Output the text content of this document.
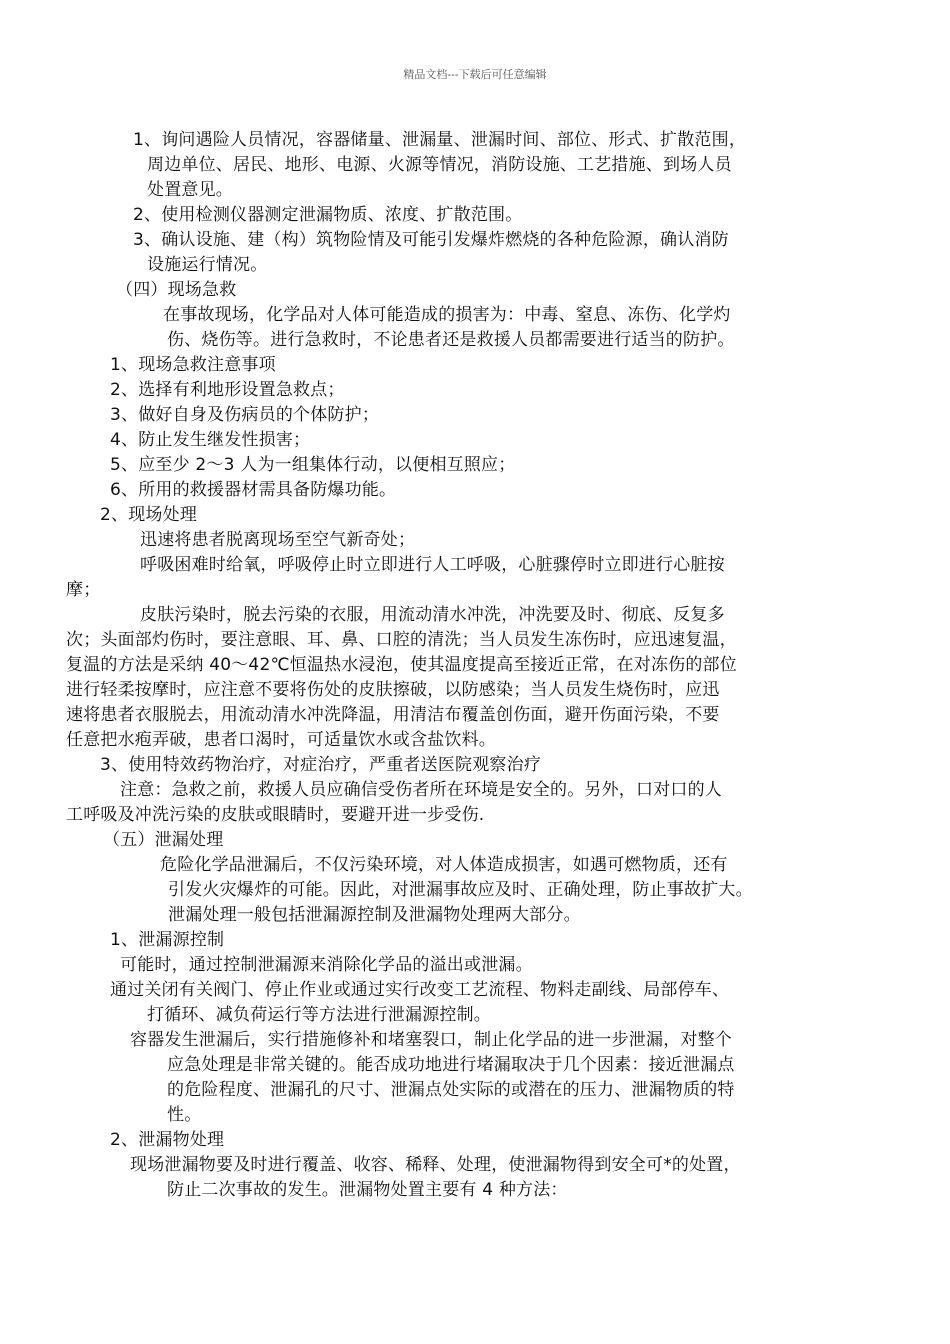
精品文档---下载后可任意编辑
1、询问遇险人员情况，容器储量、泄漏量、泄漏时间、部位、形式、扩散范围，
周边单位、居民、地形、电源、火源等情况，消防设施、工艺措施、到场人员
处置意见。
2、使用检测仪器测定泄漏物质、浓度、扩散范围。
3、确认设施、建（构）筑物险情及可能引发爆炸燃烧的各种危险源，确认消防
设施运行情况。
（四）现场急救
在事故现场，化学品对人体可能造成的损害为：中毒、窒息、冻伤、化学灼
伤、烧伤等。进行急救时，不论患者还是救援人员都需要进行适当的防护。
1、现场急救注意事项
2、选择有利地形设置急救点；
3、做好自身及伤病员的个体防护；
4、防止发生继发性损害；
5、应至少 2～3 人为一组集体行动，以便相互照应；
6、所用的救援器材需具备防爆功能。
2、现场处理
迅速将患者脱离现场至空气新奇处；
呼吸困难时给氧，呼吸停止时立即进行人工呼吸，心脏骤停时立即进行心脏按
摩；
皮肤污染时，脱去污染的衣服，用流动清水冲洗，冲洗要及时、彻底、反复多
次；头面部灼伤时，要注意眼、耳、鼻、口腔的清洗；当人员发生冻伤时，应迅速复温，
复温的方法是采纳 40～42℃恒温热水浸泡，使其温度提高至接近正常，在对冻伤的部位
进行轻柔按摩时，应注意不要将伤处的皮肤擦破，以防感染；当人员发生烧伤时，应迅
速将患者衣服脱去，用流动清水冲洗降温，用清洁布覆盖创伤面，避开伤面污染，不要
任意把水疱弄破，患者口渴时，可适量饮水或含盐饮料。
3、使用特效药物治疗，对症治疗，严重者送医院观察治疗
注意：急救之前，救援人员应确信受伤者所在环境是安全的。另外，口对口的人
工呼吸及冲洗污染的皮肤或眼睛时，要避开进一步受伤.
（五）泄漏处理
危险化学品泄漏后，不仅污染环境，对人体造成损害，如遇可燃物质，还有
引发火灾爆炸的可能。因此，对泄漏事故应及时、正确处理，防止事故扩大。
泄漏处理一般包括泄漏源控制及泄漏物处理两大部分。
1、泄漏源控制
可能时，通过控制泄漏源来消除化学品的溢出或泄漏。
通过关闭有关阀门、停止作业或通过实行改变工艺流程、物料走副线、局部停车、
打循环、减负荷运行等方法进行泄漏源控制。
容器发生泄漏后，实行措施修补和堵塞裂口，制止化学品的进一步泄漏，对整个
应急处理是非常关键的。能否成功地进行堵漏取决于几个因素：接近泄漏点
的危险程度、泄漏孔的尺寸、泄漏点处实际的或潜在的压力、泄漏物质的特
性。
2、泄漏物处理
现场泄漏物要及时进行覆盖、收容、稀释、处理，使泄漏物得到安全可*的处置，
防止二次事故的发生。泄漏物处置主要有 4 种方法：
